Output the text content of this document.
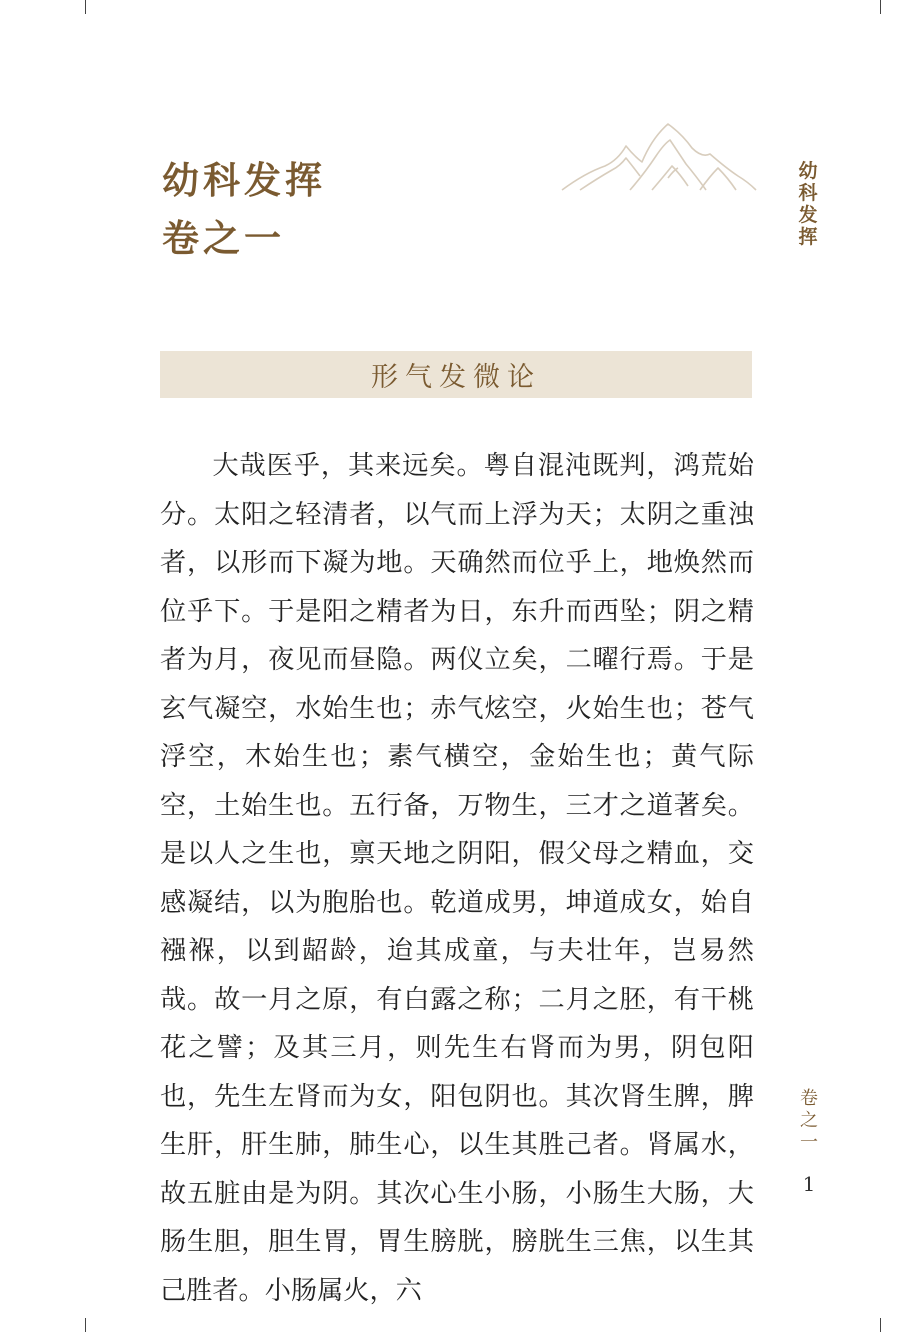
幼科发挥
卷之一
幼科发挥
形气发微论

大哉医乎，其来远矣。粤自混沌既判，鸿荒始分。太阳之轻清者，以气而上浮为天；太阴之重浊者，以形而下凝为地。天确然而位乎上，地焕然而位乎下。于是阳之精者为日，东升而西坠；阴之精者为月，夜见而昼隐。两仪立矣，二曜行焉。于是玄气凝空，水始生也；赤气炫空，火始生也；苍气浮空，木始生也；素气横空，金始生也；黄气际空，土始生也。五行备，万物生，三才之道著矣。是以人之生也，禀天地之阴阳，假父母之精血，交感凝结，以为胞胎也。乾道成男，坤道成女，始自襁褓，以到龆龄，迨其成童，与夫壮年，岂易然哉。故一月之原，有白露之称；二月之胚，有干桃花之譬；及其三月，则先生右肾而为男，阴包阳也，先生左肾而为女，阳包阴也。其次肾生脾，脾生肝，肝生肺，肺生心，以生其胜己者。肾属水，故五脏由是为阴。其次心生小肠，小肠生大肠，大肠生胆，胆生胃，胃生膀胱，膀胱生三焦，以生其己胜者。小肠属火，六

卷之一
1
